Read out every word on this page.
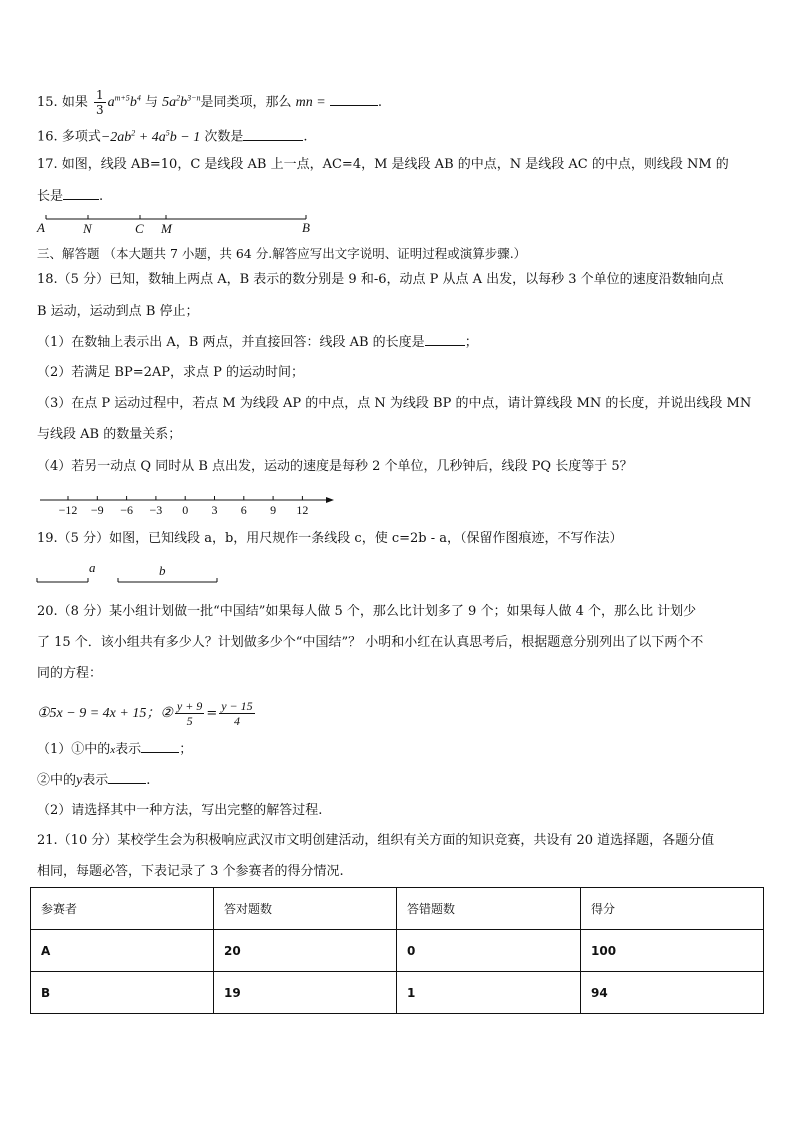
15. 如果 $\frac{1}{3} a^{m+5}b^4$ 与 $5a^2b^{3-n}$是同类项，那么 mn =	.
16. 多项式$-2ab^2 + 4a^5b - 1$ 次数是	.
17. 如图，线段 AB=10，C 是线段 AB 上一点，AC=4，M 是线段 AB 的中点，N 是线段 AC 的中点，则线段 NM 的
长是	.
A	N	C M	B
三、解答题 （本大题共 7 小题，共 64 分.解答应写出文字说明、证明过程或演算步骤.）
18.（5 分）已知，数轴上两点 A，B 表示的数分别是 9 和-6，动点 P 从点 A 出发，以每秒 3 个单位的速度沿数轴向点
B 运动，运动到点 B 停止；
（1）在数轴上表示出 A，B 两点，并直接回答：线段 AB 的长度是	；
（2）若满足 BP=2AP，求点 P 的运动时间；
（3）在点 P 运动过程中，若点 M 为线段 AP 的中点，点 N 为线段 BP 的中点，请计算线段 MN 的长度，并说出线段 MN
与线段 AB 的数量关系；
（4）若另一动点 Q 同时从 B 点出发，运动的速度是每秒 2 个单位，几秒钟后，线段 PQ 长度等于 5？
−12 −9 −6 −3 0 3 6 9 12
19.（5 分）如图，已知线段 a，b，用尺规作一条线段 c，使 c=2b - a，（保留作图痕迹，不写作法）
a	b
20.（8 分）某小组计划做一批“中国结”如果每人做 5 个，那么比计划多了 9 个；如果每人做 4 个，那么比 计划少
了 15 个．该小组共有多少人？计划做多少个“中国结”？ 小明和小红在认真思考后，根据题意分别列出了以下两个不
同的方程：
①5x − 9 = 4x + 15；② $\frac{y + 9}{5} = \frac{y - 15}{4}$
（1）①中的x表示	；
②中的y表示	.
（2）请选择其中一种方法，写出完整的解答过程.
21.（10 分）某校学生会为积极响应武汉市文明创建活动，组织有关方面的知识竞赛，共设有 20 道选择题，各题分值
相同，每题必答，下表记录了 3 个参赛者的得分情况.
参赛者	答对题数	答错题数	得分
A	20	0	100
B	19	1	94
